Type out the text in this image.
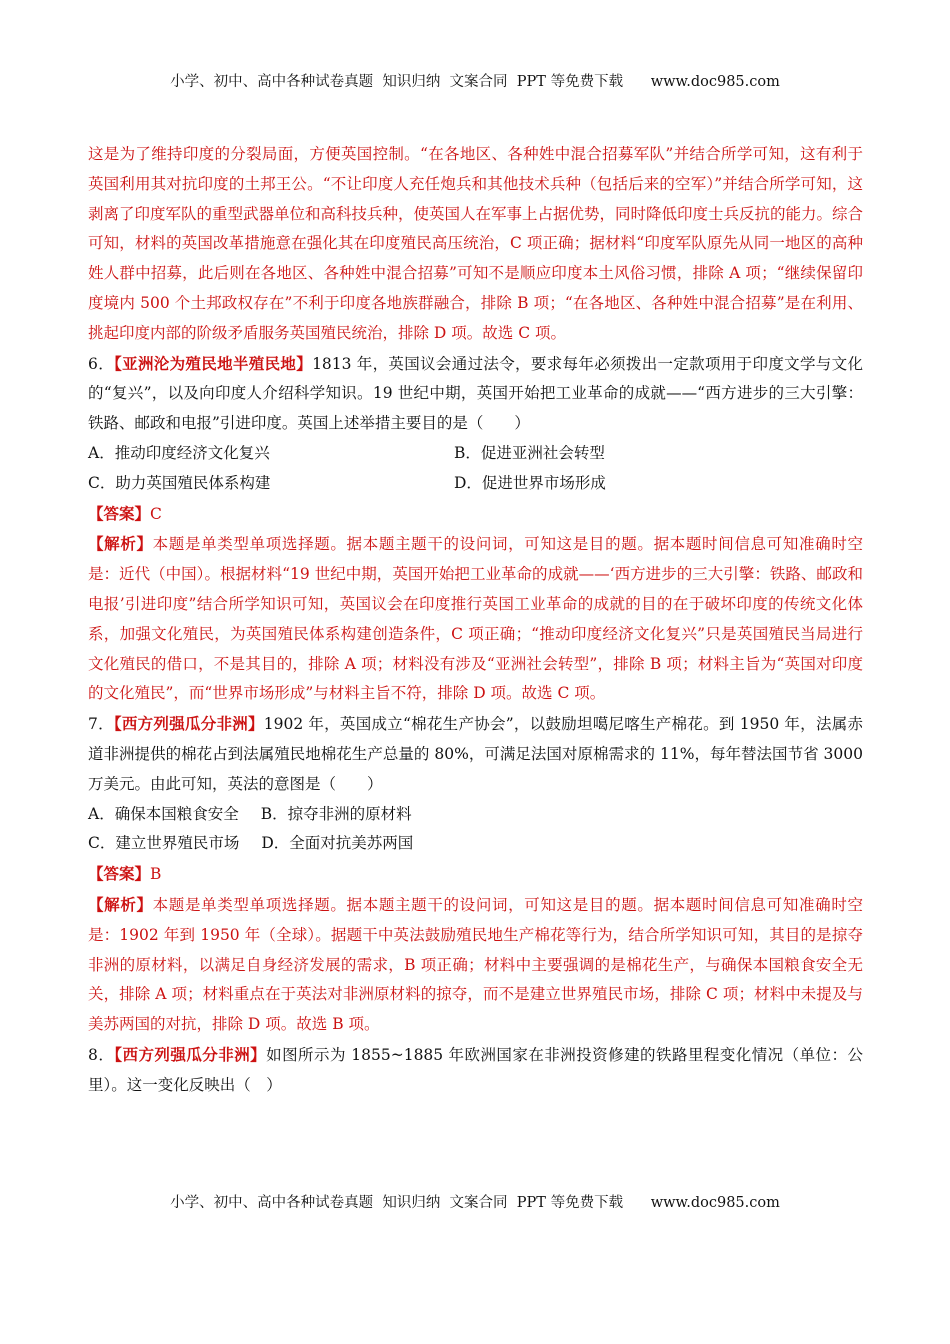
小学、初中、高中各种试卷真题  知识归纳  文案合同  PPT 等免费下载      www.doc985.com

这是为了维持印度的分裂局面，方便英国控制。“在各地区、各种姓中混合招募军队”并结合所学可知，这有利于英国利用其对抗印度的土邦王公。“不让印度人充任炮兵和其他技术兵种（包括后来的空军）”并结合所学可知，这剥离了印度军队的重型武器单位和高科技兵种，使英国人在军事上占据优势，同时降低印度士兵反抗的能力。综合可知，材料的英国改革措施意在强化其在印度殖民高压统治，C 项正确；据材料“印度军队原先从同一地区的高种姓人群中招募，此后则在各地区、各种姓中混合招募”可知不是顺应印度本土风俗习惯，排除 A 项；“继续保留印度境内 500 个土邦政权存在”不利于印度各地族群融合，排除 B 项；“在各地区、各种姓中混合招募”是在利用、挑起印度内部的阶级矛盾服务英国殖民统治，排除 D 项。故选 C 项。

6．【亚洲沦为殖民地半殖民地】1813 年，英国议会通过法令，要求每年必须拨出一定款项用于印度文学与文化的“复兴”，以及向印度人介绍科学知识。19 世纪中期，英国开始把工业革命的成就——“西方进步的三大引擎：铁路、邮政和电报”引进印度。英国上述举措主要目的是（　　）

A．推动印度经济文化复兴	B．促进亚洲社会转型
C．助力英国殖民体系构建	D．促进世界市场形成
【答案】C

【解析】本题是单类型单项选择题。据本题主题干的设问词，可知这是目的题。据本题时间信息可知准确时空是：近代（中国）。根据材料“19 世纪中期，英国开始把工业革命的成就——‘西方进步的三大引擎：铁路、邮政和电报’引进印度”结合所学知识可知，英国议会在印度推行英国工业革命的成就的目的在于破坏印度的传统文化体系，加强文化殖民，为英国殖民体系构建创造条件，C 项正确；“推动印度经济文化复兴”只是英国殖民当局进行文化殖民的借口，不是其目的，排除 A 项；材料没有涉及“亚洲社会转型”，排除 B 项；材料主旨为“英国对印度的文化殖民”，而“世界市场形成”与材料主旨不符，排除 D 项。故选 C 项。

7．【西方列强瓜分非洲】1902 年，英国成立“棉花生产协会”，以鼓励坦噶尼喀生产棉花。到 1950 年，法属赤道非洲提供的棉花占到法属殖民地棉花生产总量的 80%，可满足法国对原棉需求的 11%，每年替法国节省 3000 万美元。由此可知，英法的意图是（　　）

A．确保本国粮食安全 B．掠夺非洲的原材料
C．建立世界殖民市场 D．全面对抗美苏两国
【答案】B

【解析】本题是单类型单项选择题。据本题主题干的设问词，可知这是目的题。据本题时间信息可知准确时空是：1902 年到 1950 年（全球）。据题干中英法鼓励殖民地生产棉花等行为，结合所学知识可知，其目的是掠夺非洲的原材料，以满足自身经济发展的需求，B 项正确；材料中主要强调的是棉花生产，与确保本国粮食安全无关，排除 A 项；材料重点在于英法对非洲原材料的掠夺，而不是建立世界殖民市场，排除 C 项；材料中未提及与美苏两国的对抗，排除 D 项。故选 B 项。

8．【西方列强瓜分非洲】如图所示为 1855~1885 年欧洲国家在非洲投资修建的铁路里程变化情况（单位：公里）。这一变化反映出（　）

小学、初中、高中各种试卷真题  知识归纳  文案合同  PPT 等免费下载      www.doc985.com
